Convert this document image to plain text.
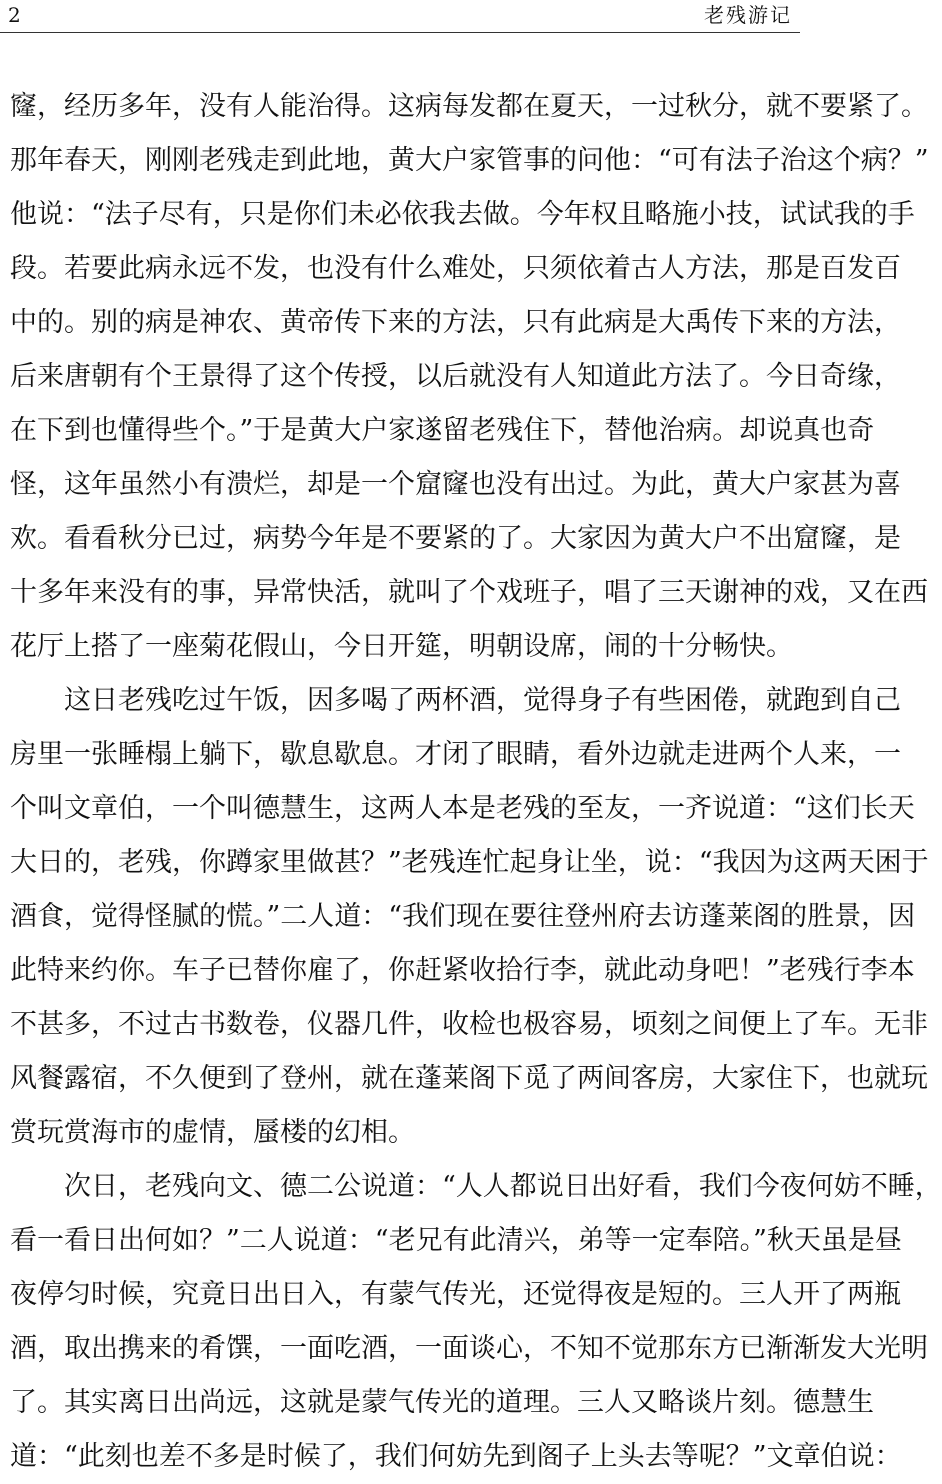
2	老残游记
窿，经历多年，没有人能治得。这病每发都在夏天，一过秋分，就不要紧了。
那年春天，刚刚老残走到此地，黄大户家管事的问他：“可有法子治这个病？”
他说：“法子尽有，只是你们未必依我去做。今年权且略施小技，试试我的手
段。若要此病永远不发，也没有什么难处，只须依着古人方法，那是百发百
中的。别的病是神农、黄帝传下来的方法，只有此病是大禹传下来的方法，
后来唐朝有个王景得了这个传授，以后就没有人知道此方法了。今日奇缘，
在下到也懂得些个。”于是黄大户家遂留老残住下，替他治病。却说真也奇
怪，这年虽然小有溃烂，却是一个窟窿也没有出过。为此，黄大户家甚为喜
欢。看看秋分已过，病势今年是不要紧的了。大家因为黄大户不出窟窿，是
十多年来没有的事，异常快活，就叫了个戏班子，唱了三天谢神的戏，又在西
花厅上搭了一座菊花假山，今日开筵，明朝设席，闹的十分畅快。
这日老残吃过午饭，因多喝了两杯酒，觉得身子有些困倦，就跑到自己
房里一张睡榻上躺下，歇息歇息。才闭了眼睛，看外边就走进两个人来，一
个叫文章伯，一个叫德慧生，这两人本是老残的至友，一齐说道：“这们长天
大日的，老残，你蹲家里做甚？”老残连忙起身让坐，说：“我因为这两天困于
酒食，觉得怪腻的慌。”二人道：“我们现在要往登州府去访蓬莱阁的胜景，因
此特来约你。车子已替你雇了，你赶紧收拾行李，就此动身吧！”老残行李本
不甚多，不过古书数卷，仪器几件，收检也极容易，顷刻之间便上了车。无非
风餐露宿，不久便到了登州，就在蓬莱阁下觅了两间客房，大家住下，也就玩
赏玩赏海市的虚情，蜃楼的幻相。
次日，老残向文、德二公说道：“人人都说日出好看，我们今夜何妨不睡，
看一看日出何如？”二人说道：“老兄有此清兴，弟等一定奉陪。”秋天虽是昼
夜停匀时候，究竟日出日入，有蒙气传光，还觉得夜是短的。三人开了两瓶
酒，取出携来的肴馔，一面吃酒，一面谈心，不知不觉那东方已渐渐发大光明
了。其实离日出尚远，这就是蒙气传光的道理。三人又略谈片刻。德慧生
道：“此刻也差不多是时候了，我们何妨先到阁子上头去等呢？”文章伯说：
